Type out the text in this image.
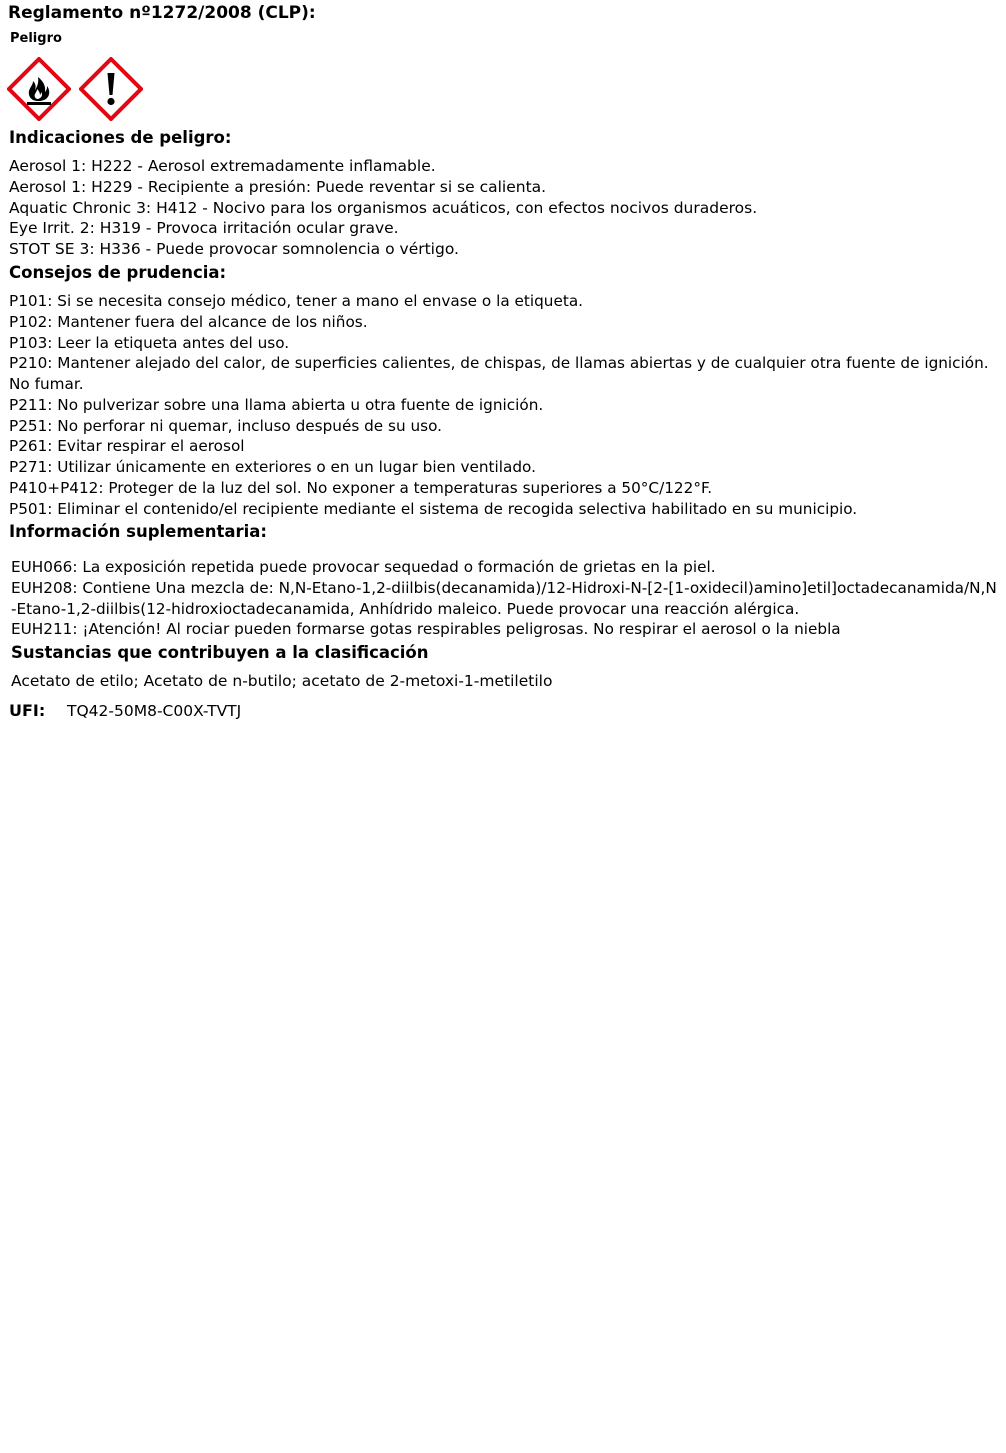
Reglamento nº1272/2008 (CLP):
Peligro
Indicaciones de peligro:
Aerosol 1: H222 - Aerosol extremadamente inflamable.
Aerosol 1: H229 - Recipiente a presión: Puede reventar si se calienta.
Aquatic Chronic 3: H412 - Nocivo para los organismos acuáticos, con efectos nocivos duraderos.
Eye Irrit. 2: H319 - Provoca irritación ocular grave.
STOT SE 3: H336 - Puede provocar somnolencia o vértigo.
Consejos de prudencia:
P101: Si se necesita consejo médico, tener a mano el envase o la etiqueta.
P102: Mantener fuera del alcance de los niños.
P103: Leer la etiqueta antes del uso.
P210: Mantener alejado del calor, de superficies calientes, de chispas, de llamas abiertas y de cualquier otra fuente de ignición.
No fumar.
P211: No pulverizar sobre una llama abierta u otra fuente de ignición.
P251: No perforar ni quemar, incluso después de su uso.
P261: Evitar respirar el aerosol
P271: Utilizar únicamente en exteriores o en un lugar bien ventilado.
P410+P412: Proteger de la luz del sol. No exponer a temperaturas superiores a 50°C/122°F.
P501: Eliminar el contenido/el recipiente mediante el sistema de recogida selectiva habilitado en su municipio.
Información suplementaria:
EUH066: La exposición repetida puede provocar sequedad o formación de grietas en la piel.
EUH208: Contiene Una mezcla de: N,N-Etano-1,2-diilbis(decanamida)/12-Hidroxi-N-[2-[1-oxidecil)amino]etil]octadecanamida/N,N
-Etano-1,2-diilbis(12-hidroxioctadecanamida, Anhídrido maleico. Puede provocar una reacción alérgica.
EUH211: ¡Atención! Al rociar pueden formarse gotas respirables peligrosas. No respirar el aerosol o la niebla
Sustancias que contribuyen a la clasificación
Acetato de etilo; Acetato de n-butilo; acetato de 2-metoxi-1-metiletilo
UFI: TQ42-50M8-C00X-TVTJ
